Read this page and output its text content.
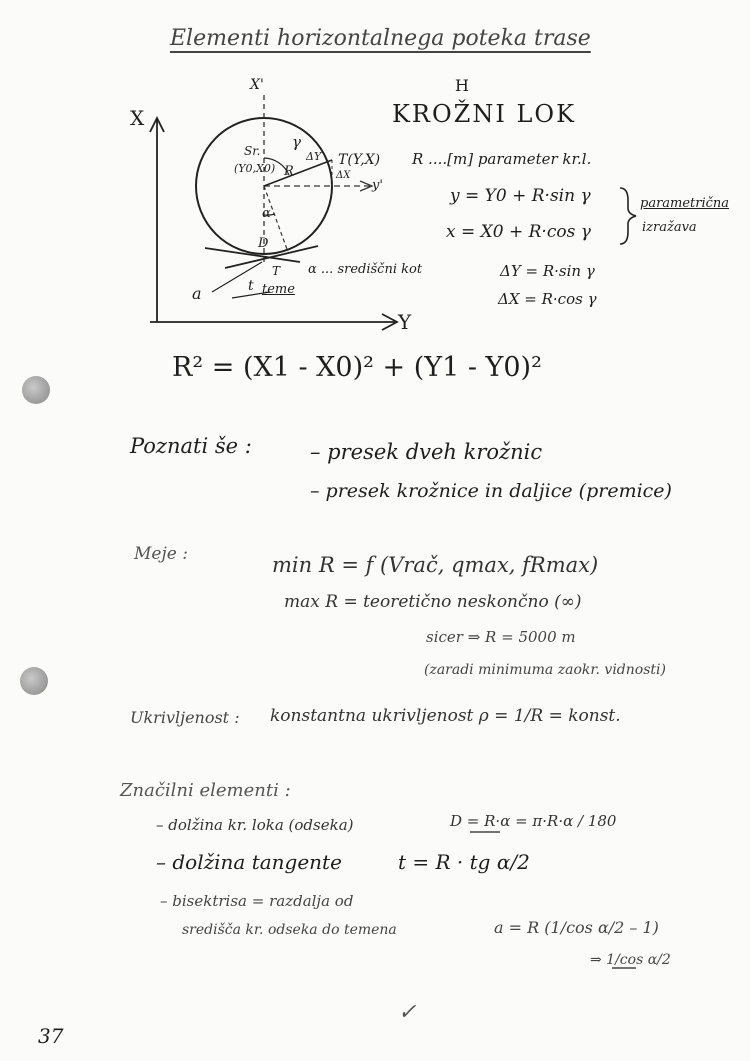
Elementi horizontalnega poteka trase
X
Y
X'
y'
Sr.
(Y0,X0)
T(Y,X)
R
γ
ΔY
ΔX
α
D
T
a	t teme
α ... središčni kot
H
KROŽNI LOK
R ....[m] parameter kr.l.
y = Y0 + R·sin γ
x = X0 + R·cos γ
parametrična
izražava
ΔY = R·sin γ
ΔX = R·cos γ
R² = (X1 - X0)² + (Y1 - Y0)²
Poznati še :	– presek dveh krožnic
– presek krožnice in daljice (premice)
Meje :	min R = f (Vrač, qmax, fRmax)
max R = teoretično neskončno (∞)
sicer ⇒ R = 5000 m
(zaradi minimuma zaokr. vidnosti)
Ukrivljenost : konstantna ukrivljenost ρ = 1/R = konst.
Značilni elementi :
– dolžina kr. loka (odseka)	D = R·α = π·R·α / 180
– dolžina tangente	t = R · tg α/2
– bisektrisa = razdalja od
središča kr. odseka do temena	a = R (1/cos α/2 – 1)
⇒ 1/cos α/2
37
✓
